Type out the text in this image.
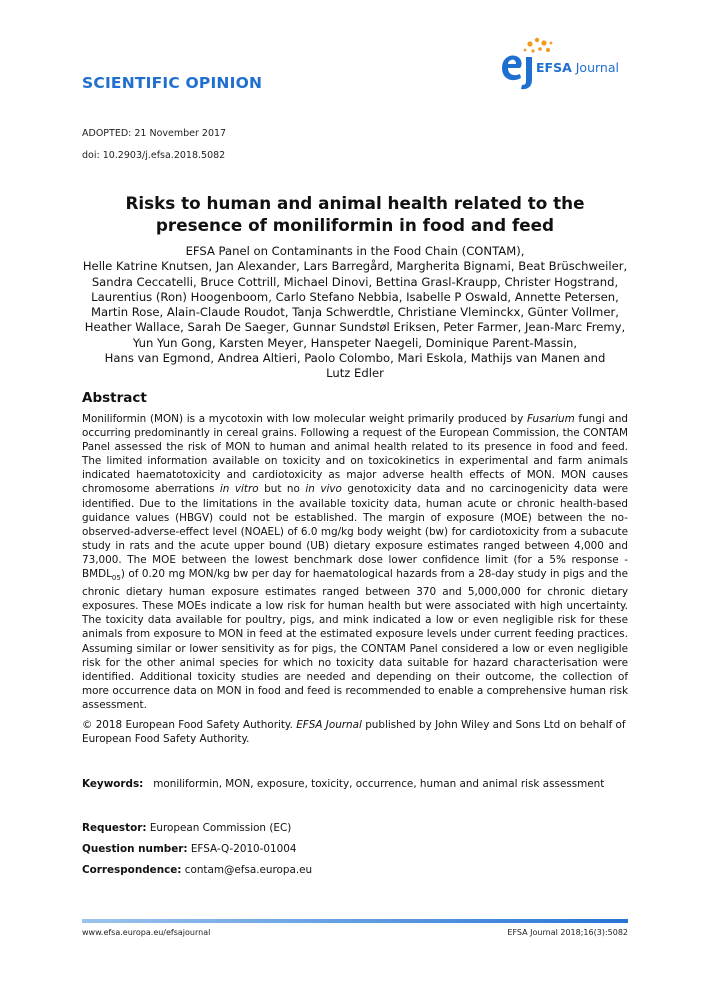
SCIENTIFIC OPINION
EFSA Journal
ADOPTED: 21 November 2017
doi: 10.2903/j.efsa.2018.5082
Risks to human and animal health related to the presence of moniliformin in food and feed
EFSA Panel on Contaminants in the Food Chain (CONTAM),
Helle Katrine Knutsen, Jan Alexander, Lars Barregård, Margherita Bignami, Beat Brüschweiler,
Sandra Ceccatelli, Bruce Cottrill, Michael Dinovi, Bettina Grasl-Kraupp, Christer Hogstrand,
Laurentius (Ron) Hoogenboom, Carlo Stefano Nebbia, Isabelle P Oswald, Annette Petersen,
Martin Rose, Alain-Claude Roudot, Tanja Schwerdtle, Christiane Vleminckx, Günter Vollmer,
Heather Wallace, Sarah De Saeger, Gunnar Sundstøl Eriksen, Peter Farmer, Jean-Marc Fremy,
Yun Yun Gong, Karsten Meyer, Hanspeter Naegeli, Dominique Parent-Massin,
Hans van Egmond, Andrea Altieri, Paolo Colombo, Mari Eskola, Mathijs van Manen and
Lutz Edler
Abstract

Moniliformin (MON) is a mycotoxin with low molecular weight primarily produced by Fusarium fungi and occurring predominantly in cereal grains. Following a request of the European Commission, the CONTAM Panel assessed the risk of MON to human and animal health related to its presence in food and feed. The limited information available on toxicity and on toxicokinetics in experimental and farm animals indicated haematotoxicity and cardiotoxicity as major adverse health effects of MON. MON causes chromosome aberrations in vitro but no in vivo genotoxicity data and no carcinogenicity data were identified. Due to the limitations in the available toxicity data, human acute or chronic health-based guidance values (HBGV) could not be established. The margin of exposure (MOE) between the no-observed-adverse-effect level (NOAEL) of 6.0 mg/kg body weight (bw) for cardiotoxicity from a subacute study in rats and the acute upper bound (UB) dietary exposure estimates ranged between 4,000 and 73,000. The MOE between the lowest benchmark dose lower confidence limit (for a 5% response - $BMDL_{05}$) of 0.20 mg MON/kg bw per day for haematological hazards from a 28-day study in pigs and the chronic dietary human exposure estimates ranged between 370 and 5,000,000 for chronic dietary exposures. These MOEs indicate a low risk for human health but were associated with high uncertainty. The toxicity data available for poultry, pigs, and mink indicated a low or even negligible risk for these animals from exposure to MON in feed at the estimated exposure levels under current feeding practices. Assuming similar or lower sensitivity as for pigs, the CONTAM Panel considered a low or even negligible risk for the other animal species for which no toxicity data suitable for hazard characterisation were identified. Additional toxicity studies are needed and depending on their outcome, the collection of more occurrence data on MON in food and feed is recommended to enable a comprehensive human risk assessment.

© 2018 European Food Safety Authority. EFSA Journal published by John Wiley and Sons Ltd on behalf of European Food Safety Authority.

Keywords: moniliformin, MON, exposure, toxicity, occurrence, human and animal risk assessment
Requestor: European Commission (EC)
Question number: EFSA-Q-2010-01004
Correspondence: contam@efsa.europa.eu
www.efsa.europa.eu/efsajournal	EFSA Journal 2018;16(3):5082
